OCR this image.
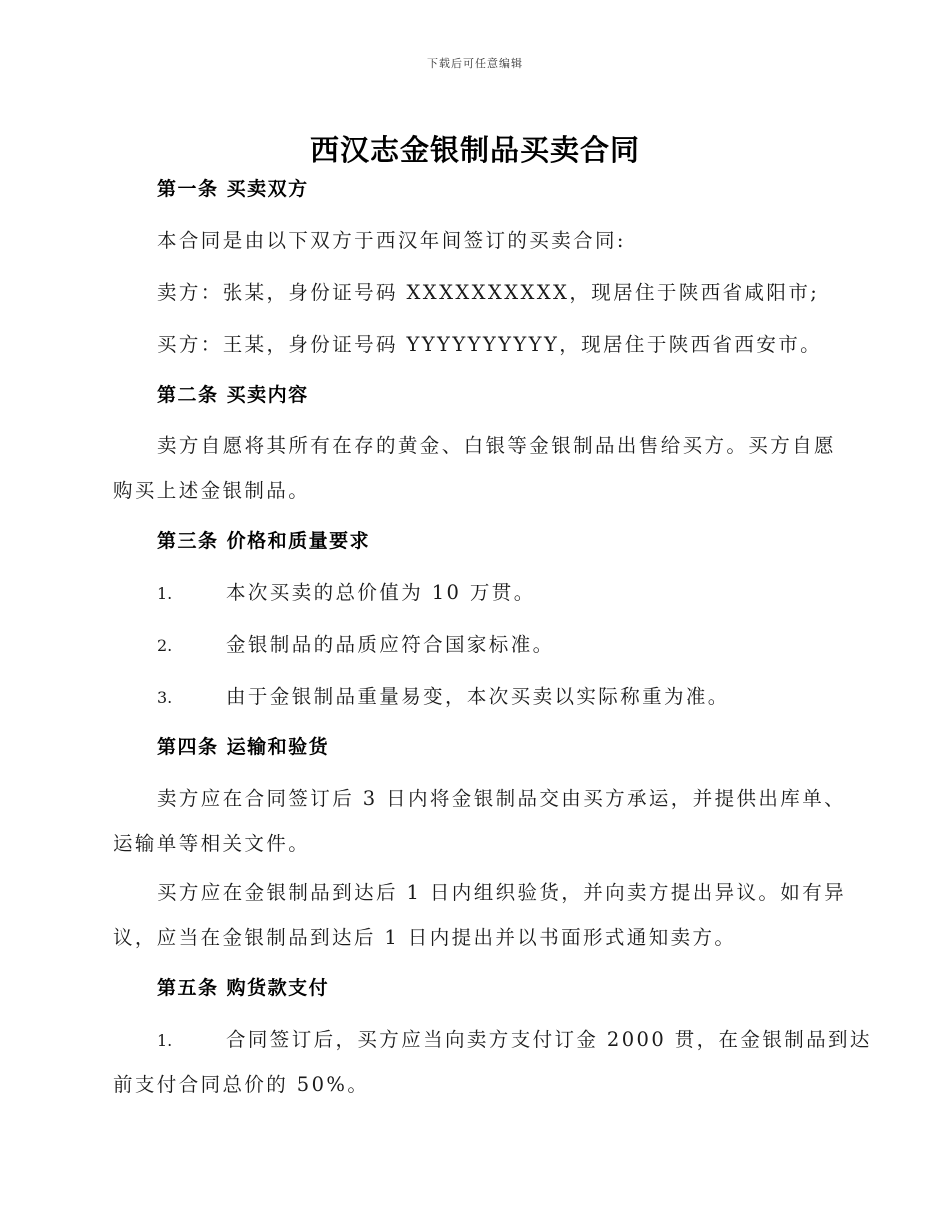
下载后可任意编辑
西汉志金银制品买卖合同
第一条 买卖双方
本合同是由以下双方于西汉年间签订的买卖合同:
卖方：张某，身份证号码 XXXXXXXXXX，现居住于陕西省咸阳市;
买方：王某，身份证号码 YYYYYYYYYY，现居住于陕西省西安市。
第二条 买卖内容
卖方自愿将其所有在存的黄金、白银等金银制品出售给买方。买方自愿
购买上述金银制品。
第三条 价格和质量要求
1.	本次买卖的总价值为 10 万贯。
2.	金银制品的品质应符合国家标准。
3.	由于金银制品重量易变，本次买卖以实际称重为准。
第四条 运输和验货
卖方应在合同签订后 3 日内将金银制品交由买方承运，并提供出库单、
运输单等相关文件。
买方应在金银制品到达后 1 日内组织验货，并向卖方提出异议。如有异
议，应当在金银制品到达后 1 日内提出并以书面形式通知卖方。
第五条 购货款支付
1.	合同签订后，买方应当向卖方支付订金 2000 贯，在金银制品到达
前支付合同总价的 50%。
